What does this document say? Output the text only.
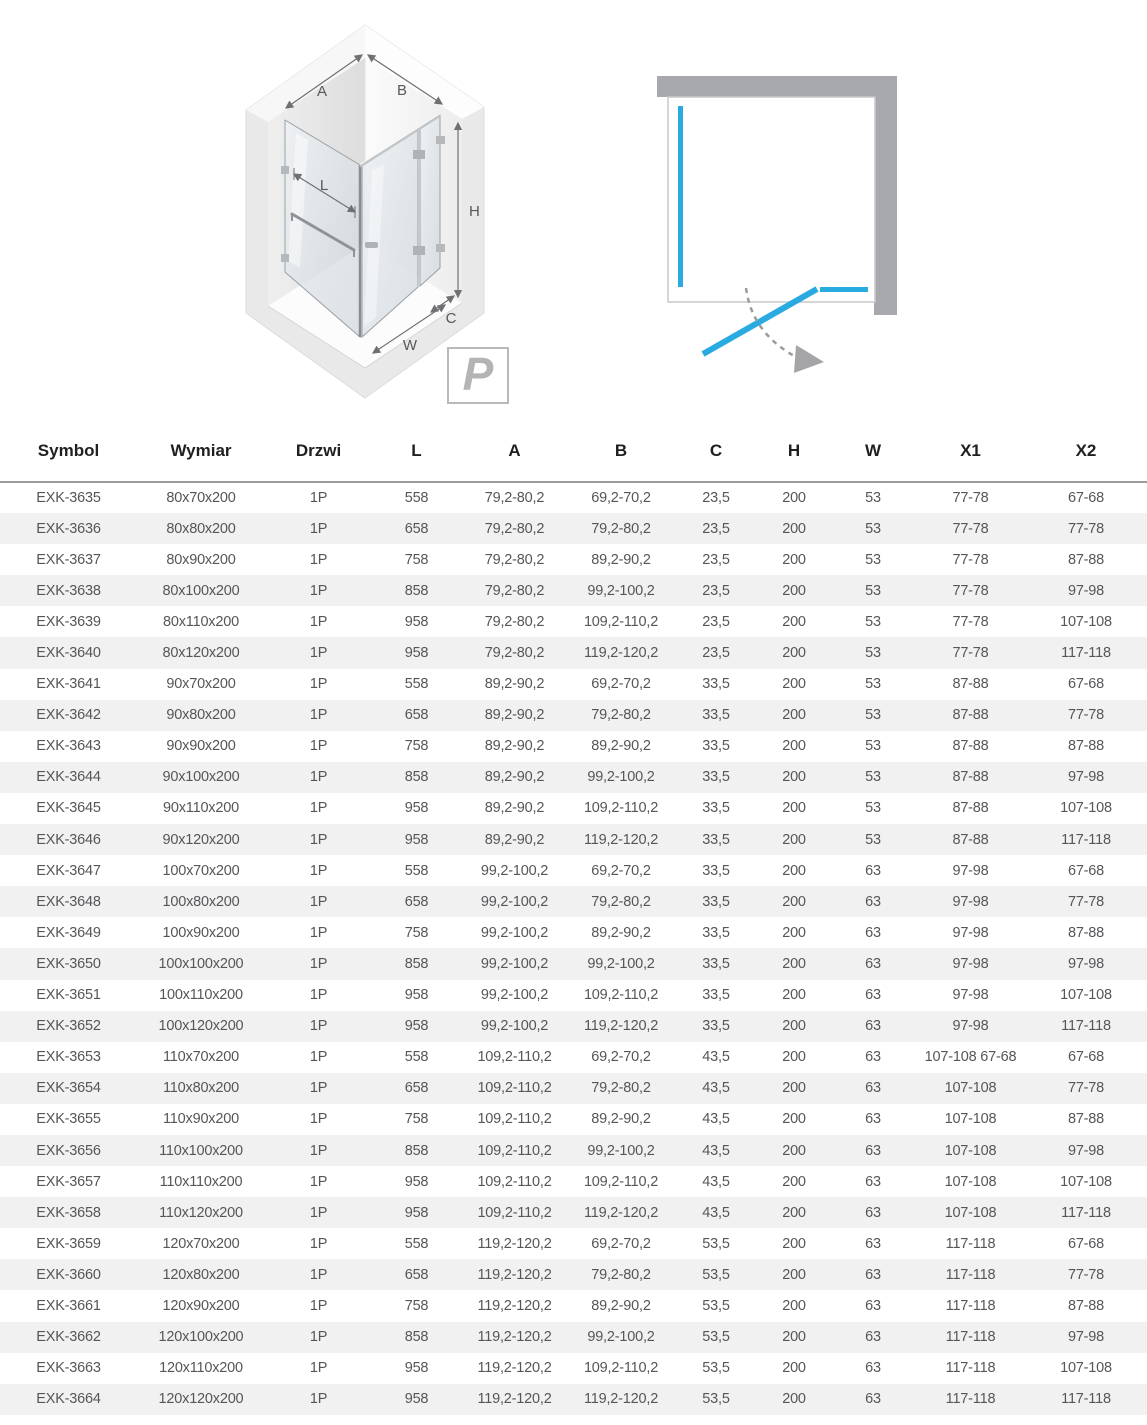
A	B
L
H
C
W
P
Symbol	Wymiar	Drzwi	L	A	B	C	H	W	X1	X2
EXK-3635	80x70x200	1P	558	79,2-80,2	69,2-70,2	23,5	200	53	77-78	67-68
EXK-3636	80x80x200	1P	658	79,2-80,2	79,2-80,2	23,5	200	53	77-78	77-78
EXK-3637	80x90x200	1P	758	79,2-80,2	89,2-90,2	23,5	200	53	77-78	87-88
EXK-3638	80x100x200	1P	858	79,2-80,2	99,2-100,2	23,5	200	53	77-78	97-98
EXK-3639	80x110x200	1P	958	79,2-80,2	109,2-110,2	23,5	200	53	77-78	107-108
EXK-3640	80x120x200	1P	958	79,2-80,2	119,2-120,2	23,5	200	53	77-78	117-118
EXK-3641	90x70x200	1P	558	89,2-90,2	69,2-70,2	33,5	200	53	87-88	67-68
EXK-3642	90x80x200	1P	658	89,2-90,2	79,2-80,2	33,5	200	53	87-88	77-78
EXK-3643	90x90x200	1P	758	89,2-90,2	89,2-90,2	33,5	200	53	87-88	87-88
EXK-3644	90x100x200	1P	858	89,2-90,2	99,2-100,2	33,5	200	53	87-88	97-98
EXK-3645	90x110x200	1P	958	89,2-90,2	109,2-110,2	33,5	200	53	87-88	107-108
EXK-3646	90x120x200	1P	958	89,2-90,2	119,2-120,2	33,5	200	53	87-88	117-118
EXK-3647	100x70x200	1P	558	99,2-100,2	69,2-70,2	33,5	200	63	97-98	67-68
EXK-3648	100x80x200	1P	658	99,2-100,2	79,2-80,2	33,5	200	63	97-98	77-78
EXK-3649	100x90x200	1P	758	99,2-100,2	89,2-90,2	33,5	200	63	97-98	87-88
EXK-3650	100x100x200	1P	858	99,2-100,2	99,2-100,2	33,5	200	63	97-98	97-98
EXK-3651	100x110x200	1P	958	99,2-100,2	109,2-110,2	33,5	200	63	97-98	107-108
EXK-3652	100x120x200	1P	958	99,2-100,2	119,2-120,2	33,5	200	63	97-98	117-118
EXK-3653	110x70x200	1P	558	109,2-110,2	69,2-70,2	43,5	200	63	107-108 67-68	67-68
EXK-3654	110x80x200	1P	658	109,2-110,2	79,2-80,2	43,5	200	63	107-108	77-78
EXK-3655	110x90x200	1P	758	109,2-110,2	89,2-90,2	43,5	200	63	107-108	87-88
EXK-3656	110x100x200	1P	858	109,2-110,2	99,2-100,2	43,5	200	63	107-108	97-98
EXK-3657	110x110x200	1P	958	109,2-110,2	109,2-110,2	43,5	200	63	107-108	107-108
EXK-3658	110x120x200	1P	958	109,2-110,2	119,2-120,2	43,5	200	63	107-108	117-118
EXK-3659	120x70x200	1P	558	119,2-120,2	69,2-70,2	53,5	200	63	117-118	67-68
EXK-3660	120x80x200	1P	658	119,2-120,2	79,2-80,2	53,5	200	63	117-118	77-78
EXK-3661	120x90x200	1P	758	119,2-120,2	89,2-90,2	53,5	200	63	117-118	87-88
EXK-3662	120x100x200	1P	858	119,2-120,2	99,2-100,2	53,5	200	63	117-118	97-98
EXK-3663	120x110x200	1P	958	119,2-120,2	109,2-110,2	53,5	200	63	117-118	107-108
EXK-3664	120x120x200	1P	958	119,2-120,2	119,2-120,2	53,5	200	63	117-118	117-118
